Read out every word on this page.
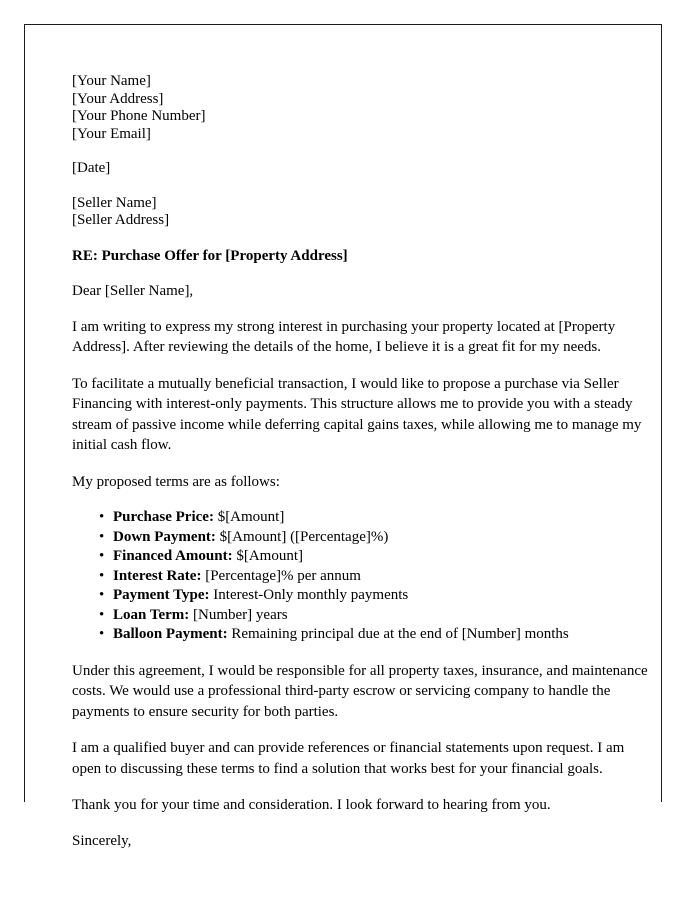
[Your Name]
[Your Address]
[Your Phone Number]
[Your Email]
[Date]
[Seller Name]
[Seller Address]
RE: Purchase Offer for [Property Address]
Dear [Seller Name],

I am writing to express my strong interest in purchasing your property located at [Property Address]. After reviewing the details of the home, I believe it is a great fit for my needs.

To facilitate a mutually beneficial transaction, I would like to propose a purchase via Seller Financing with interest-only payments. This structure allows me to provide you with a steady stream of passive income while deferring capital gains taxes, while allowing me to manage my initial cash flow.

My proposed terms are as follows:

• Purchase Price: $[Amount]
• Down Payment: $[Amount] ([Percentage]%)
• Financed Amount: $[Amount]
• Interest Rate: [Percentage]% per annum
• Payment Type: Interest-Only monthly payments
• Loan Term: [Number] years
• Balloon Payment: Remaining principal due at the end of [Number] months

Under this agreement, I would be responsible for all property taxes, insurance, and maintenance costs. We would use a professional third-party escrow or servicing company to handle the payments to ensure security for both parties.

I am a qualified buyer and can provide references or financial statements upon request. I am open to discussing these terms to find a solution that works best for your financial goals.

Thank you for your time and consideration. I look forward to hearing from you.

Sincerely,
